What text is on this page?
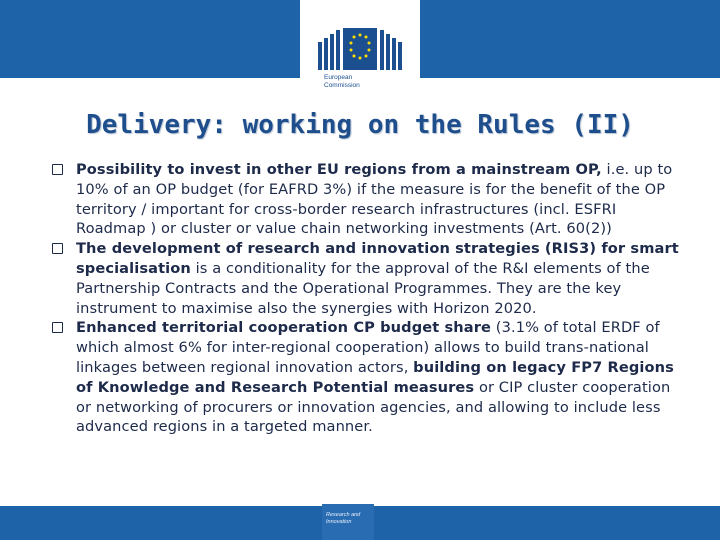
European
Commission
Delivery: working on the Rules (II)
Possibility to invest in other EU regions from a mainstream OP, i.e. up to 10% of an OP budget (for EAFRD 3%) if the measure is for the benefit of the OP territory / important for cross-border research infrastructures (incl. ESFRI Roadmap ) or cluster or value chain networking investments (Art. 60(2))
The development of research and innovation strategies (RIS3) for smart specialisation is a conditionality for the approval of the R&I elements of the Partnership Contracts and the Operational Programmes. They are the key instrument to maximise also the synergies with Horizon 2020.
Enhanced territorial cooperation CP budget share (3.1% of total ERDF of which almost 6% for inter-regional cooperation) allows to build trans-national linkages between regional innovation actors, building on legacy FP7 Regions of Knowledge and Research Potential measures or CIP cluster cooperation or networking of procurers or innovation agencies, and allowing to include less advanced regions in a targeted manner.
Research and
Innovation
